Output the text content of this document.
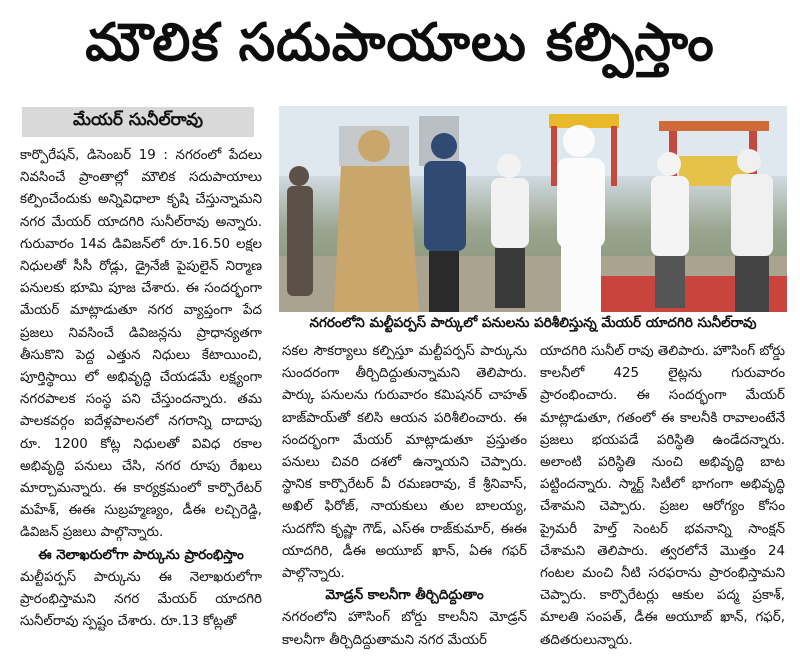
మౌలిక సదుపాయాలు కల్పిస్తాం
మేయర్ సునీల్‌రావు

కార్పొరేషన్, డిసెంబర్ 19 : నగరంలో పేదలు నివసించే ప్రాంతాల్లో మౌలిక సదుపాయాలు కల్పించేందుకు అన్నివిధాలా కృషి చేస్తున్నామని నగర మేయర్ యాదగిరి సునీల్‌రావు అన్నారు. గురువారం 14వ డివిజన్‌లో రూ.16.50 లక్షల నిధులతో సీసీ రోడ్లు, డ్రైనేజీ పైపులైన్ నిర్మాణ పనులకు భూమి పూజ చేశారు. ఈ సందర్భంగా మేయర్ మాట్లాడుతూ నగర వ్యాప్తంగా పేద ప్రజలు నివసించే డివిజన్లను ప్రాధాన్యతగా తీసుకొని పెద్ద ఎత్తున నిధులు కేటాయించి, పూర్తిస్థాయి లో అభివృద్ధి చేయడమే లక్ష్యంగా నగరపాలక సంస్థ పని చేస్తుందన్నారు. తమ పాలకవర్గం ఐదేళ్లపాలనలో నగరాన్ని దాదాపు రూ. 1200 కోట్ల నిధులతో వివిధ రకాల అభివృద్ధి పనులు చేసి, నగర రూపు రేఖలు మార్చామన్నారు. ఈ కార్యక్రమంలో కార్పొరేటర్ మహేశ్, ఈఈ సుబ్రహ్మణ్యం, డీఈ లచ్చిరెడ్డి, డివిజన్ ప్రజలు పాల్గొన్నారు.

ఈ నెలాఖరులోగా పార్కును ప్రారంభిస్తాం

మల్టీపర్పస్ పార్కును ఈ నెలాఖరులోగా ప్రారంభిస్తామని నగర మేయర్ యాదగిరి సునీల్‌రావు స్పష్టం చేశారు. రూ.13 కోట్లతో

నగరంలోని మల్టీపర్పస్ పార్కులో పనులను పరిశీలిస్తున్న మేయర్ యాదగిరి సునీల్‌రావు

సకల సౌకర్యాలు కల్పిస్తూ మల్టీపర్పస్ పార్కును సుందరంగా తీర్చిదిద్దుతున్నామని తెలిపారు. పార్కు పనులను గురువారం కమిషనర్ చాహత్ బాజ్‌పాయ్‌తో కలిసి ఆయన పరిశీలించారు. ఈ సందర్భంగా మేయర్ మాట్లాడుతూ ప్రస్తుతం పనులు చివరి దశలో ఉన్నాయని చెప్పారు. స్థానిక కార్పొరేటర్ వీ రమణరావు, కే శ్రీనివాస్, అఖిల్ ఫిరోజ్, నాయకులు తుల బాలయ్య, సుదగోని కృష్ణా గౌడ్, ఎస్ఈ రాజ్‌కుమార్, ఈఈ యాదగిరి, డీఈ అయూబ్ ఖాన్, ఏఈ గఫర్ పాల్గొన్నారు.

మోడ్రన్ కాలనీగా తీర్చిదిద్దుతాం

నగరంలోని హౌసింగ్ బోర్డు కాలనీని మోడ్రన్ కాలనీగా తీర్చిదిద్దుతామని నగర మేయర్

యాదగిరి సునీల్ రావు తెలిపారు. హౌసింగ్ బోర్డు కాలనీలో 425 లైట్లను గురువారం ప్రారంభించారు. ఈ సందర్భంగా మేయర్ మాట్లాడుతూ, గతంలో ఈ కాలనీకి రావాలంటేనే ప్రజలు భయపడే పరిస్థితి ఉండేదన్నారు. అలాంటి పరిస్థితి నుంచి అభివృద్ధి బాట పట్టిందన్నారు. స్మార్ట్ సిటీలో భాగంగా అభివృద్ధి చేశామని చెప్పారు. ప్రజల ఆరోగ్యం కోసం ప్రైమరీ హెల్త్ సెంటర్ భవనాన్ని సాంక్షన్ చేశామని తెలిపారు. త్వరలోనే మొత్తం 24 గంటల మంచి నీటి సరఫరాను ప్రారంభిస్తామని చెప్పారు. కార్పొరేటర్లు ఆకుల పద్మ ప్రకాశ్, మాలతి సంపత్, డీఈ అయూబ్ ఖాన్, గఫర్, తదితరులున్నారు.
